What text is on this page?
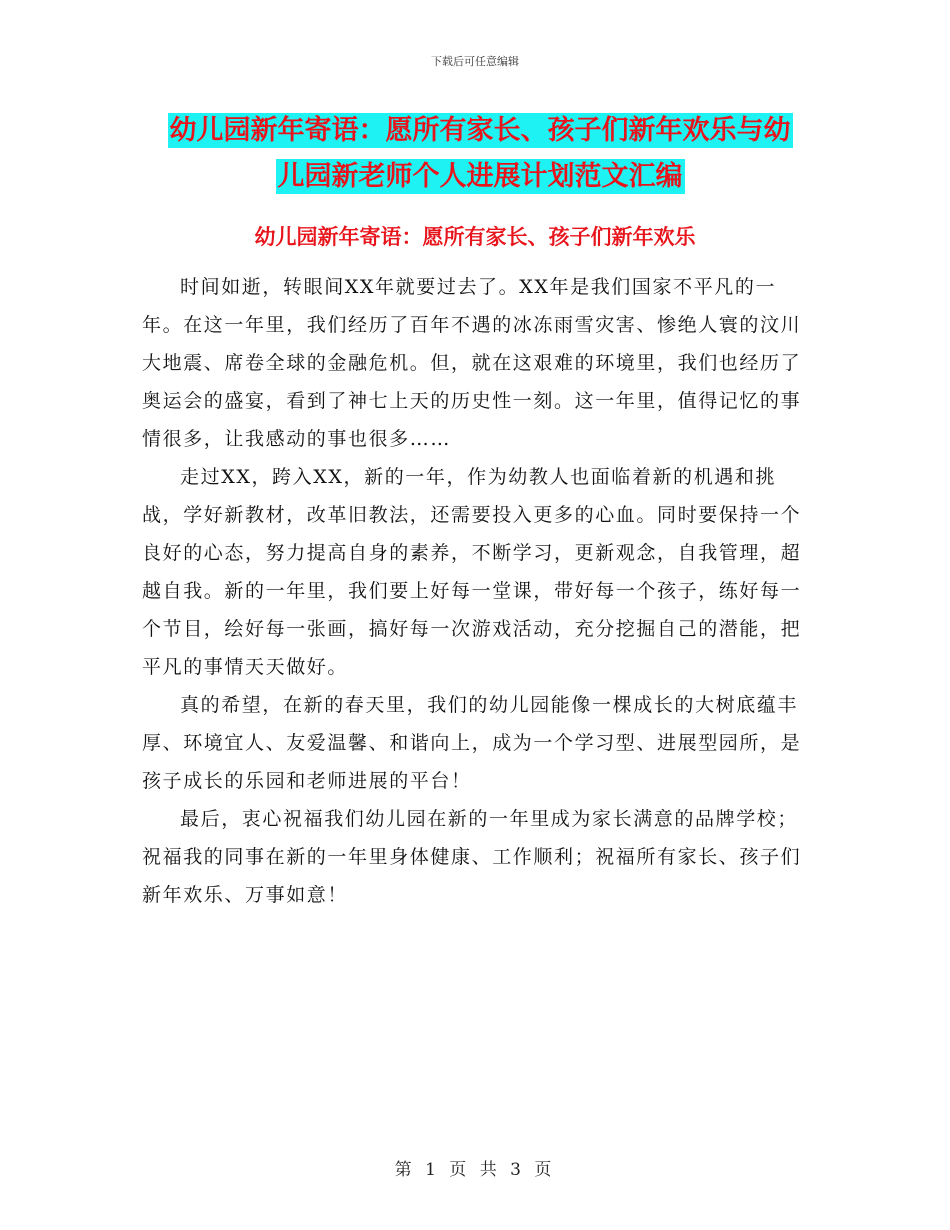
下载后可任意编辑
幼儿园新年寄语：愿所有家长、孩子们新年欢乐与幼
儿园新老师个人进展计划范文汇编
幼儿园新年寄语：愿所有家长、孩子们新年欢乐

时间如逝，转眼间XX年就要过去了。XX年是我们国家不平凡的一年。在这一年里，我们经历了百年不遇的冰冻雨雪灾害、惨绝人寰的汶川大地震、席卷全球的金融危机。但，就在这艰难的环境里，我们也经历了奥运会的盛宴，看到了神七上天的历史性一刻。这一年里，值得记忆的事情很多，让我感动的事也很多……

走过XX，跨入XX，新的一年，作为幼教人也面临着新的机遇和挑战，学好新教材，改革旧教法，还需要投入更多的心血。同时要保持一个良好的心态，努力提高自身的素养，不断学习，更新观念，自我管理，超越自我。新的一年里，我们要上好每一堂课，带好每一个孩子，练好每一个节目，绘好每一张画，搞好每一次游戏活动，充分挖掘自己的潜能，把平凡的事情天天做好。

真的希望，在新的春天里，我们的幼儿园能像一棵成长的大树底蕴丰厚、环境宜人、友爱温馨、和谐向上，成为一个学习型、进展型园所，是孩子成长的乐园和老师进展的平台！

最后，衷心祝福我们幼儿园在新的一年里成为家长满意的品牌学校；祝福我的同事在新的一年里身体健康、工作顺利；祝福所有家长、孩子们新年欢乐、万事如意！

第 1 页 共 3 页
